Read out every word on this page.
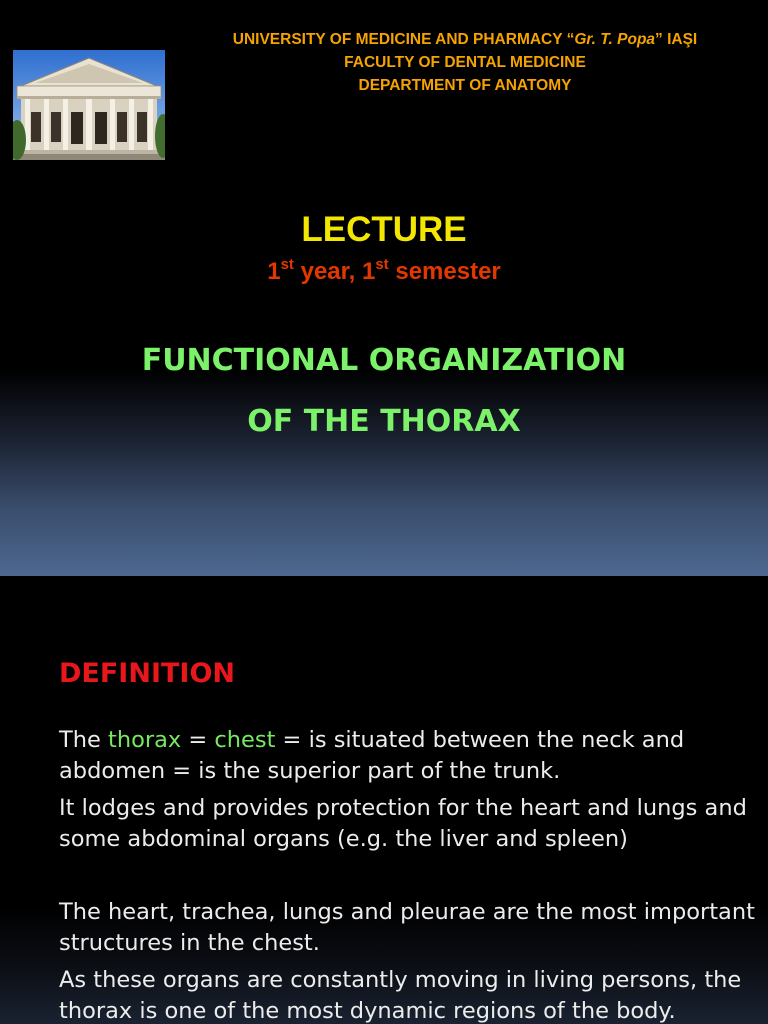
UNIVERSITY OF MEDICINE AND PHARMACY “Gr. T. Popa” IAŞI
FACULTY OF DENTAL MEDICINE
DEPARTMENT OF ANATOMY
LECTURE
1st year, 1st semester
FUNCTIONAL ORGANIZATION
OF THE THORAX
DEFINITION
The thorax = chest = is situated between the neck and abdomen = is the superior part of the trunk.
It lodges and provides protection for the heart and lungs and some abdominal organs (e.g. the liver and spleen)
The heart, trachea, lungs and pleurae are the most important structures in the chest.
As these organs are constantly moving in living persons, the thorax is one of the most dynamic regions of the body.
